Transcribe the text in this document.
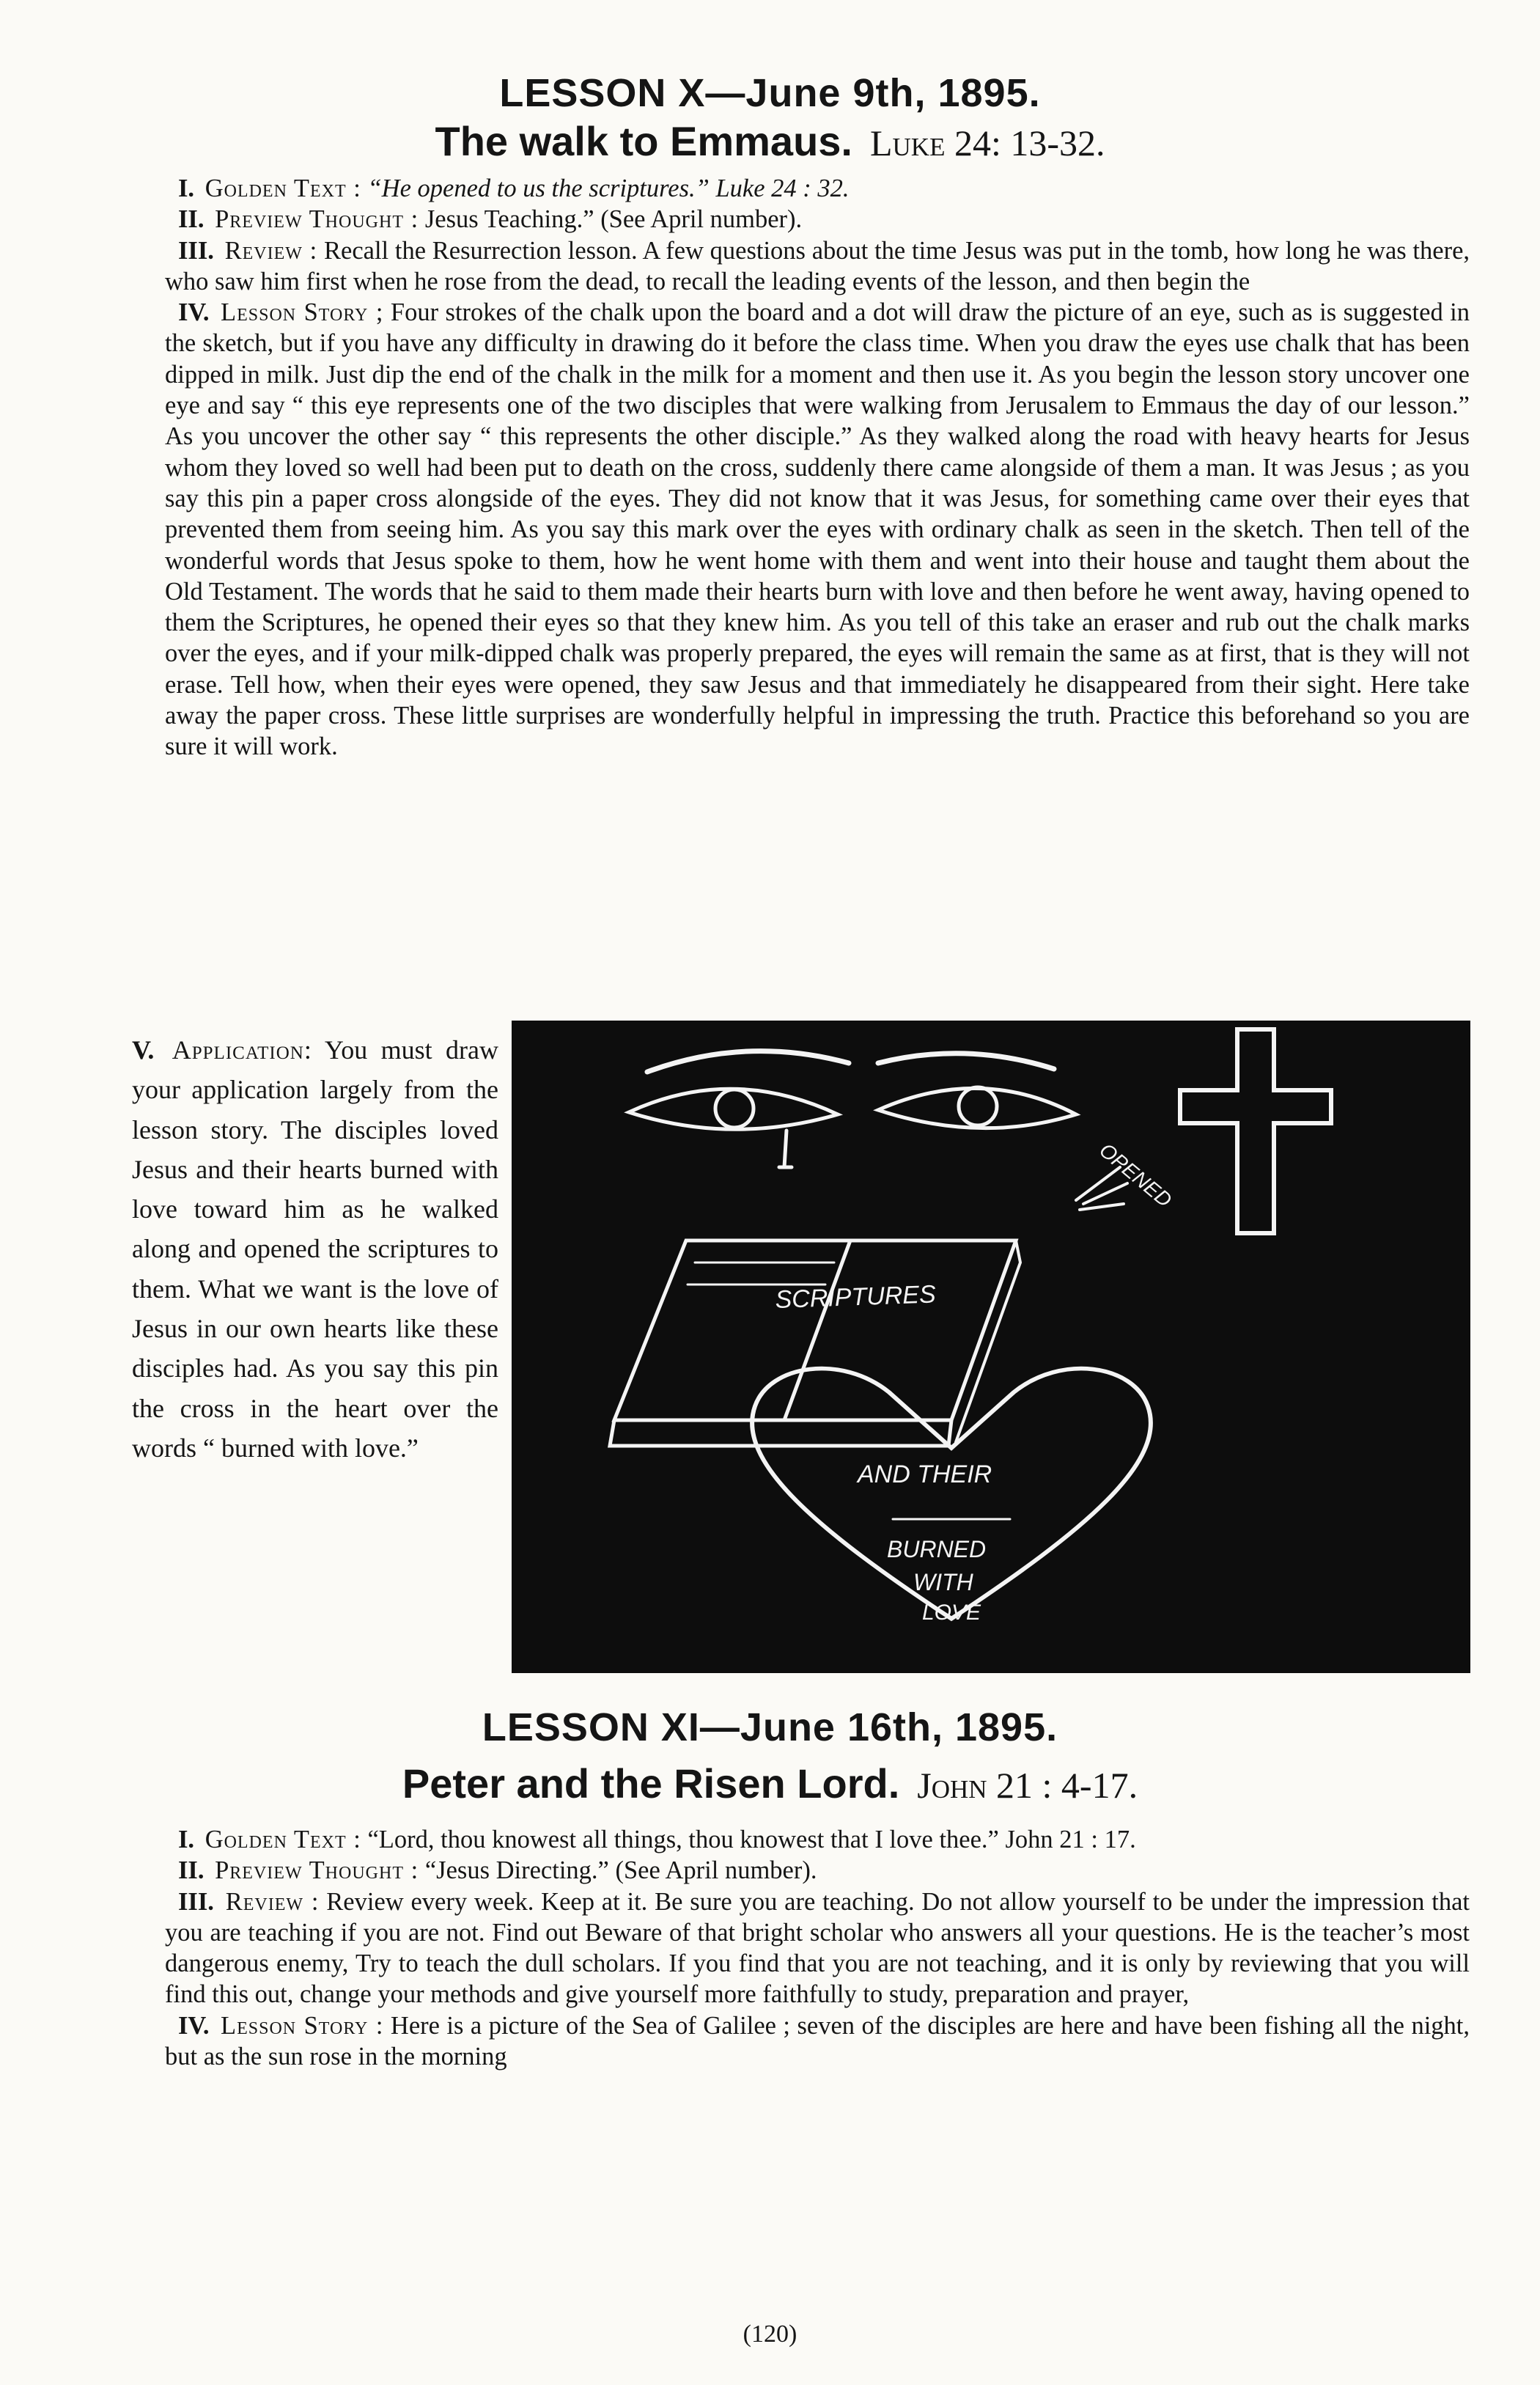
LESSON X—June 9th, 1895.
The walk to Emmaus. Luke 24: 13-32.

I. Golden Text : “He opened to us the scriptures.” Luke 24 : 32.

II. Preview Thought : Jesus Teaching.” (See April number).

III. Review : Recall the Resurrection lesson. A few questions about the time Jesus was put in the tomb, how long he was there, who saw him first when he rose from the dead, to recall the leading events of the lesson, and then begin the

IV. Lesson Story ; Four strokes of the chalk upon the board and a dot will draw the picture of an eye, such as is suggested in the sketch, but if you have any difficulty in drawing do it before the class time. When you draw the eyes use chalk that has been dipped in milk. Just dip the end of the chalk in the milk for a moment and then use it. As you begin the lesson story uncover one eye and say “ this eye represents one of the two disciples that were walking from Jerusalem to Emmaus the day of our lesson.” As you uncover the other say “ this represents the other disciple.” As they walked along the road with heavy hearts for Jesus whom they loved so well had been put to death on the cross, suddenly there came alongside of them a man. It was Jesus ; as you say this pin a paper cross alongside of the eyes. They did not know that it was Jesus, for something came over their eyes that prevented them from seeing him. As you say this mark over the eyes with ordinary chalk as seen in the sketch. Then tell of the wonderful words that Jesus spoke to them, how he went home with them and went into their house and taught them about the Old Testament. The words that he said to them made their hearts burn with love and then before he went away, having opened to them the Scriptures, he opened their eyes so that they knew him. As you tell of this take an eraser and rub out the chalk marks over the eyes, and if your milk-dipped chalk was properly prepared, the eyes will remain the same as at first, that is they will not erase. Tell how, when their eyes were opened, they saw Jesus and that immediately he disappeared from their sight. Here take away the paper cross. These little surprises are wonderfully helpful in impressing the truth. Practice this beforehand so you are sure it will work.

V. Application: You must draw your application largely from the lesson story. The disciples loved Jesus and their hearts burned with love toward him as he walked along and opened the scriptures to them. What we want is the love of Jesus in our own hearts like these disciples had. As you say this pin the cross in the heart over the words “ burned with love.”

OPENED
SCRIPTURES
AND THEIR
BURNED
WITH
LOVE
LESSON XI—June 16th, 1895.
Peter and the Risen Lord. John 21 : 4-17.

I. Golden Text : “Lord, thou knowest all things, thou knowest that I love thee.” John 21 : 17.

II. Preview Thought : “Jesus Directing.” (See April number).

III. Review : Review every week. Keep at it. Be sure you are teaching. Do not allow yourself to be under the impression that you are teaching if you are not. Find out Beware of that bright scholar who answers all your questions. He is the teacher’s most dangerous enemy, Try to teach the dull scholars. If you find that you are not teaching, and it is only by reviewing that you will find this out, change your methods and give yourself more faithfully to study, preparation and prayer,

IV. Lesson Story : Here is a picture of the Sea of Galilee ; seven of the disciples are here and have been fishing all the night, but as the sun rose in the morning

(120)
